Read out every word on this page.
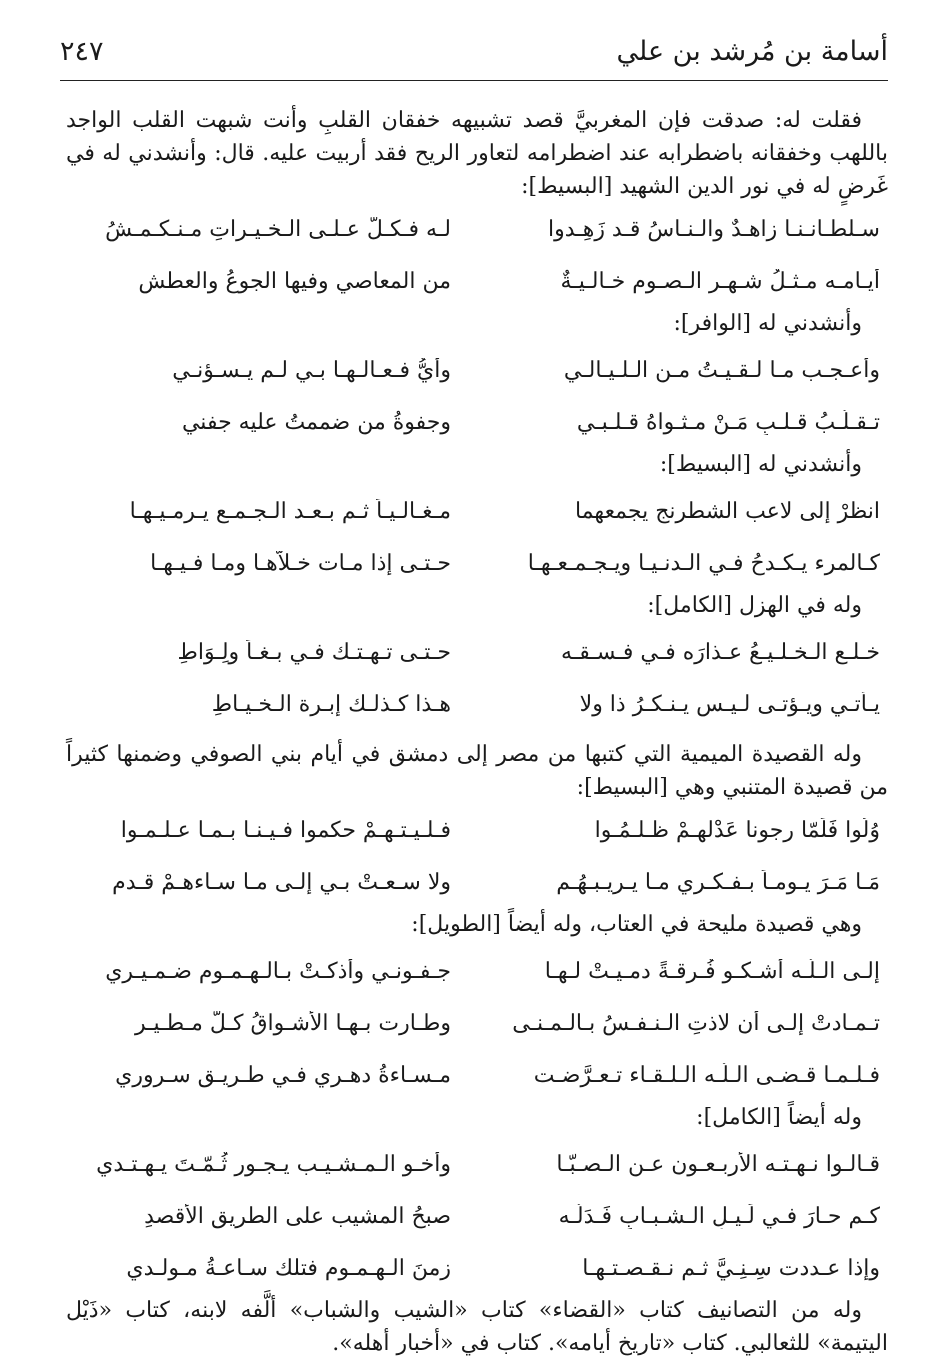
أسامة بن مُرشد بن علي
٢٤٧

فقلت له: صدقت فإن المغربيَّ قصد تشبيهه خفقان القلبِ وأنت شبهت القلب الواجد باللهب وخفقانه باضطرابه عند اضطرامه لتعاور الريح فقد أربيت عليه. قال: وأنشدني له في غَرضٍ له في نور الدين الشهيد [البسيط]:

سـلطـانـنـا زاهـدٌ والـنـاسُ قـد زَهِـدوا
لـه فـكـلٌّ عـلـى الـخـيـراتِ مـنـكـمـشُ
أيـامـه مـثـلُ شـهـرِ الـصـوم خـالـيـةٌ
من المعاصي وفيها الجوعُ والعطش

وأنشدني له [الوافر]:

وأعـجـب مـا لـقـيـتُ مـن الـلـيـالـي
وأيُّ فـعـالـهـا بـي لـم يـسـؤنـي
تـقـلّـبُ قـلـبِ مَـنْ مـثـواهُ قـلـبـي
وجفوةُ من ضممتُ عليه جفني

وأنشدني له [البسيط]:

انظرْ إلى لاعب الشطرنج يجمعهما
مـغـالـيـاً ثـم بـعـد الـجـمـع يـرمـيـهـا
كـالمرء يـكـدحُ فـي الـدنـيـا ويـجـمـعـهـا
حـتـى إذا مـات خـلاّهـا ومـا فـيـهـا

وله في الهزل [الكامل]:

خـلـع الـخـلـيـعُ عـذارَه فـي فـسـقـه
حـتـى تـهـتـك فـي بـغـاً ولِـوَاطِ
يـأتـي ويـؤتـى لـيـس يـنـكـرُ ذا ولا
هـذا كـذلـك إبـرة الـخـيـاطِ

وله القصيدة الميمية التي كتبها من مصر إلى دمشق في أيام بني الصوفي وضمنها كثيراً من قصيدة المتنبي وهي [البسيط]:

وُلُوا فَلَمّا رجونا عَدْلهـمْ ظـلـمُـوا
فـلـيـتـهـمْ حكموا فـيـنـا بـمـا عـلـمـوا
مَـا مَـرَ يـومـاً بـفـكـري مـا يـريـبـهُـم
ولا سـعـتْ بـي إلـى مـا سـاءهـمْ قـدم

وهي قصيدة مليحة في العتاب، وله أيضاً [الطويل]:

إلـى الـلّـه أشـكـو فُـرقـةً دمـيـتْ لـهـا
جـفـونـي وأذكـتْ بـالـهـمـوم ضـمـيـري
تـمـادتْ إلـى أن لاذتِ الـنـفـسُ بـالـمـنـى
وطـارت بـهـا الأشـواقُ كـلَّ مـطـيـر
فـلـمـا قـضـى الـلّـه الـلـقـاء تـعـرَّضـت
مـسـاءةُ دهـري فـي طـريـق سـروري

وله أيضاً [الكامل]:

قـالـوا نـهـتـه الأربـعـون عـن الـصـبّـا
وأخـو الـمـشـيـب يـجـور ثُـمّـتَ يـهـتـدي
كـم حـارَ فـي لَـيـلِ الـشـبـابِ فَـدَلّـه
صبحُ المشيب على الطريق الأقصدِ
وإذا عـددت سِـنِـيَّ ثـم نـقـصـتـهـا
زمنَ الـهـمـومِ فتلك سـاعـةُ مـولـدي

وله من التصانيف كتاب «القضاء» كتاب «الشيب والشباب» ألَّفه لابنه، كتاب «ذَيْل اليتيمة» للثعالبي. كتاب «تاريخ أيامه». كتاب في «أخبار أهله».
